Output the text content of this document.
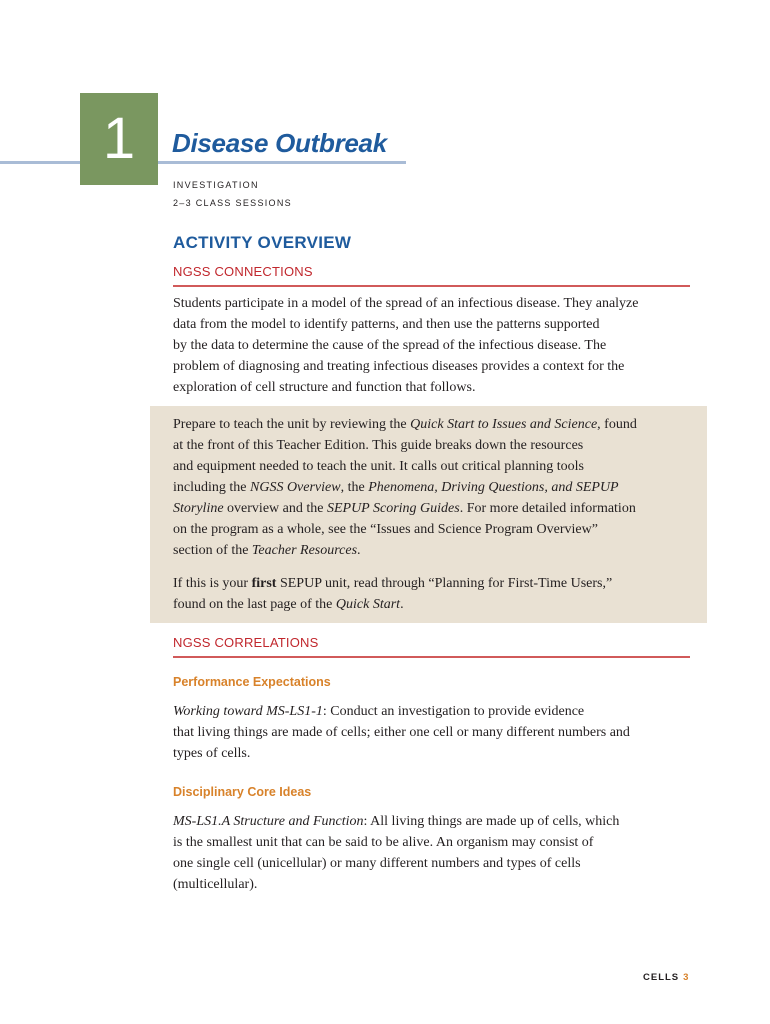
1	Disease Outbreak
INVESTIGATION
2–3 CLASS SESSIONS
ACTIVITY OVERVIEW
NGSS CONNECTIONS
Students participate in a model of the spread of an infectious disease. They analyze
data from the model to identify patterns, and then use the patterns supported
by the data to determine the cause of the spread of the infectious disease. The
problem of diagnosing and treating infectious diseases provides a context for the
exploration of cell structure and function that follows.
Prepare to teach the unit by reviewing the Quick Start to Issues and Science, found
at the front of this Teacher Edition. This guide breaks down the resources
and equipment needed to teach the unit. It calls out critical planning tools
including the NGSS Overview, the Phenomena, Driving Questions, and SEPUP
Storyline overview and the SEPUP Scoring Guides. For more detailed information
on the program as a whole, see the “Issues and Science Program Overview”
section of the Teacher Resources.
If this is your first SEPUP unit, read through “Planning for First-Time Users,”
found on the last page of the Quick Start.
NGSS CORRELATIONS
Performance Expectations
Working toward MS-LS1-1: Conduct an investigation to provide evidence
that living things are made of cells; either one cell or many different numbers and
types of cells.
Disciplinary Core Ideas
MS-LS1.A Structure and Function: All living things are made up of cells, which
is the smallest unit that can be said to be alive. An organism may consist of
one single cell (unicellular) or many different numbers and types of cells
(multicellular).
CELLS 3
